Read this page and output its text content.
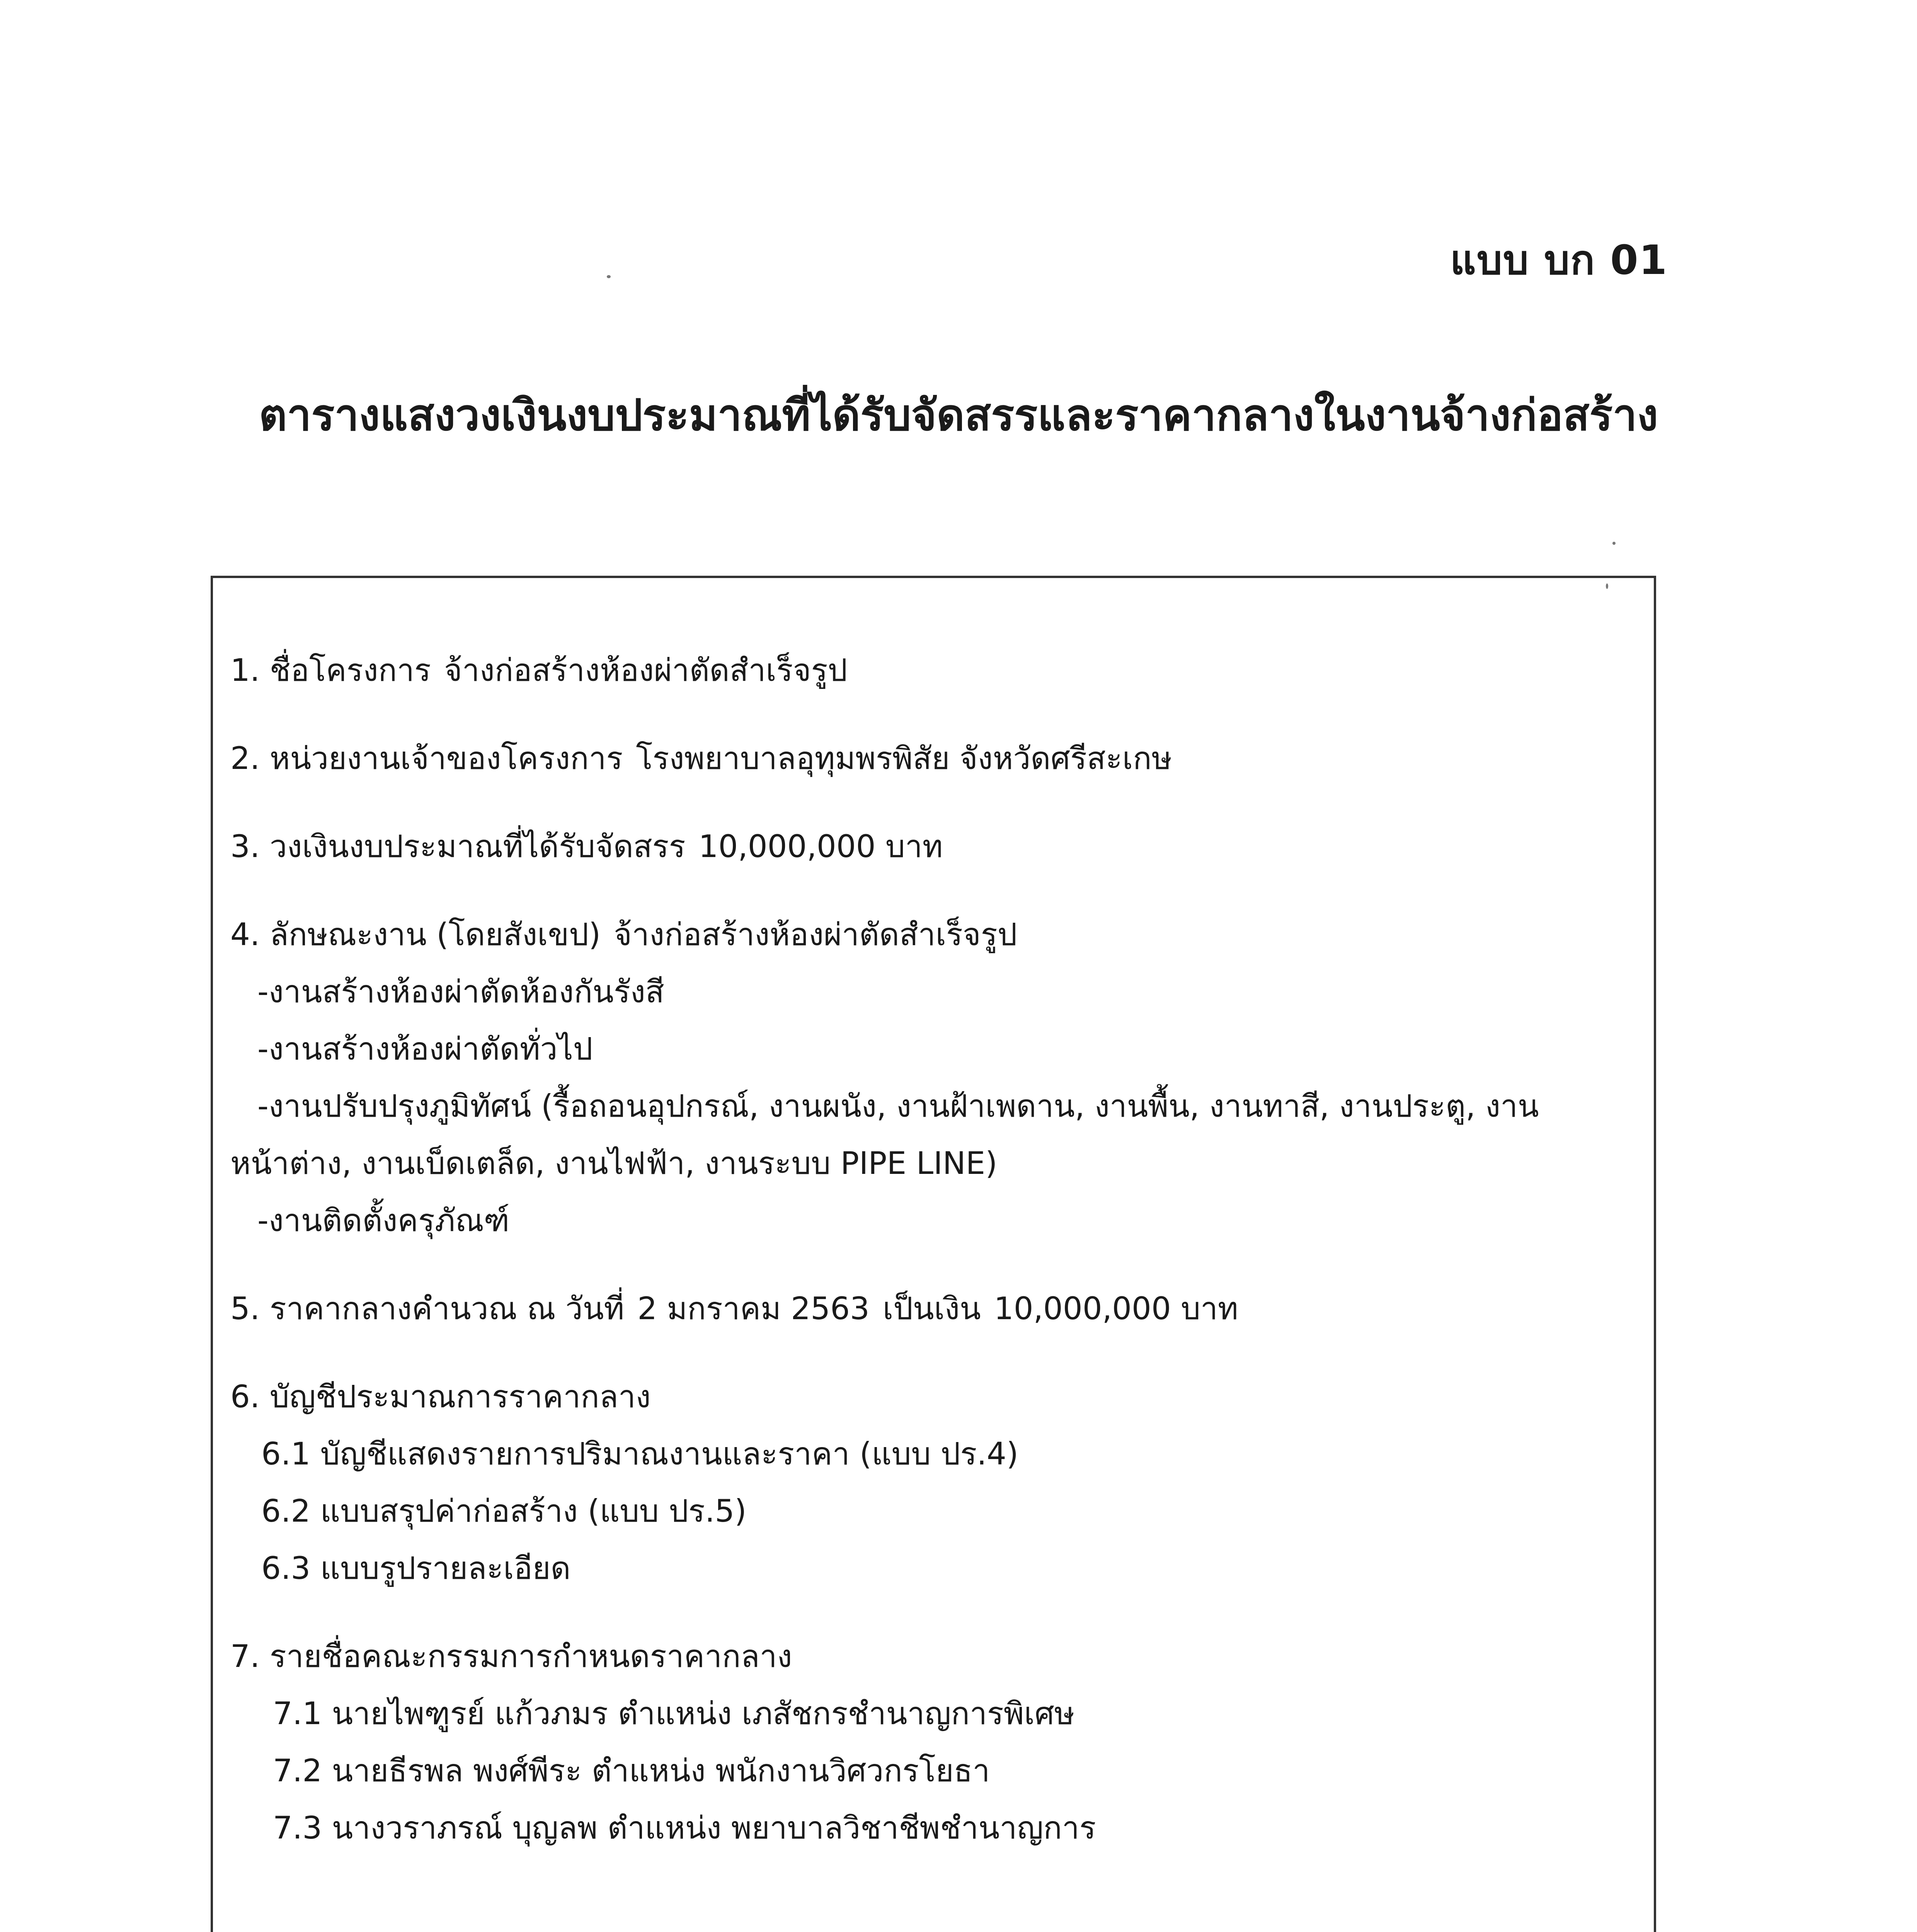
แบบ บก 01
ตารางแสงวงเงินงบประมาณที่ได้รับจัดสรรและราคากลางในงานจ้างก่อสร้าง
1. ชื่อโครงการ จ้างก่อสร้างห้องผ่าตัดสำเร็จรูป
2. หน่วยงานเจ้าของโครงการ โรงพยาบาลอุทุมพรพิสัย จังหวัดศรีสะเกษ
3. วงเงินงบประมาณที่ได้รับจัดสรร 10,000,000 บาท
4. ลักษณะงาน (โดยสังเขป) จ้างก่อสร้างห้องผ่าตัดสำเร็จรูป
-งานสร้างห้องผ่าตัดห้องกันรังสี
-งานสร้างห้องผ่าตัดทั่วไป
-งานปรับปรุงภูมิทัศน์ (รื้อถอนอุปกรณ์, งานผนัง, งานฝ้าเพดาน, งานพื้น, งานทาสี, งานประตู, งาน
หน้าต่าง, งานเบ็ดเตล็ด, งานไฟฟ้า, งานระบบ PIPE LINE)
-งานติดตั้งครุภัณฑ์
5. ราคากลางคำนวณ ณ วันที่ 2 มกราคม 2563 เป็นเงิน 10,000,000 บาท
6. บัญชีประมาณการราคากลาง
6.1 บัญชีแสดงรายการปริมาณงานและราคา (แบบ ปร.4)
6.2 แบบสรุปค่าก่อสร้าง (แบบ ปร.5)
6.3 แบบรูปรายละเอียด
7. รายชื่อคณะกรรมการกำหนดราคากลาง
7.1 นายไพฑูรย์ แก้วภมร ตำแหน่ง เภสัชกรชำนาญการพิเศษ
7.2 นายธีรพล พงศ์พีระ ตำแหน่ง พนักงานวิศวกรโยธา
7.3 นางวราภรณ์ บุญลพ ตำแหน่ง พยาบาลวิชาชีพชำนาญการ
